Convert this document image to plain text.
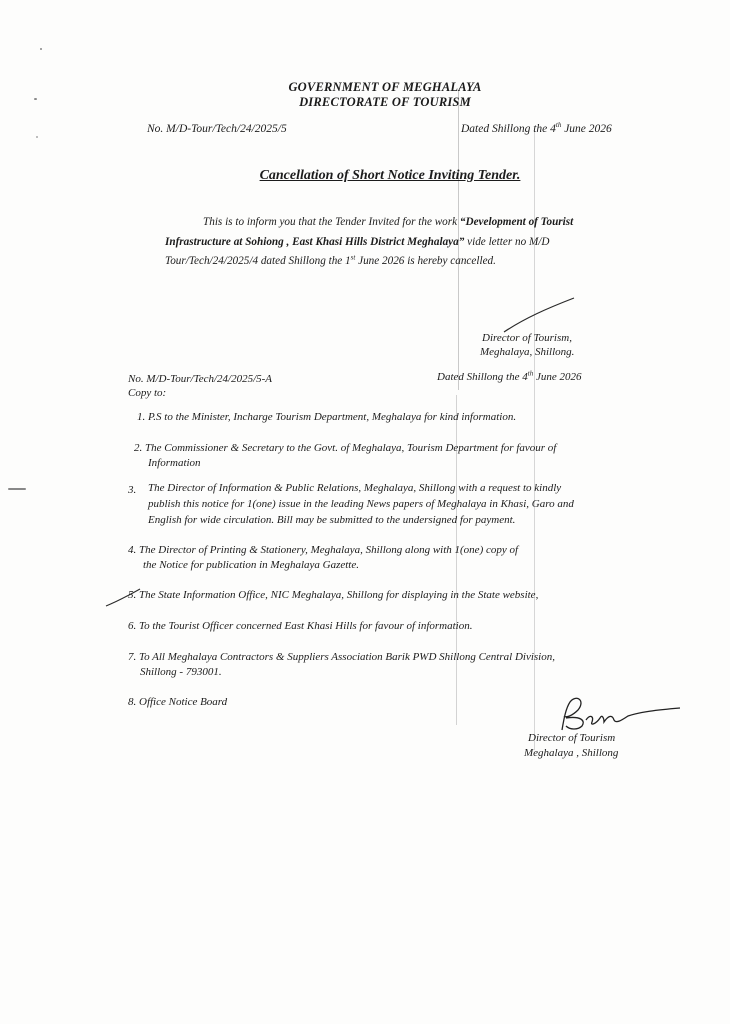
GOVERNMENT OF MEGHALAYA
DIRECTORATE OF TOURISM
No. M/D-Tour/Tech/24/2025/5	Dated Shillong the 4th June 2026
Cancellation of Short Notice Inviting Tender.
This is to inform you that the Tender Invited for the work “Development of Tourist
Infrastructure at Sohiong , East Khasi Hills District Meghalaya” vide letter no M/D
Tour/Tech/24/2025/4 dated Shillong the 1st June 2026 is hereby cancelled.
Director of Tourism,
Meghalaya, Shillong.
No. M/D-Tour/Tech/24/2025/5-A	Dated Shillong the 4th June 2026
Copy to:
1. P.S to the Minister, Incharge Tourism Department, Meghalaya for kind information.
2. The Commissioner & Secretary to the Govt. of Meghalaya, Tourism Department for favour of
Information
3. The Director of Information & Public Relations, Meghalaya, Shillong with a request to kindly
publish this notice for 1(one) issue in the leading News papers of Meghalaya in Khasi, Garo and
English for wide circulation. Bill may be submitted to the undersigned for payment.
4. The Director of Printing & Stationery, Meghalaya, Shillong along with 1(one) copy of
the Notice for publication in Meghalaya Gazette.
5. The State Information Office, NIC Meghalaya, Shillong for displaying in the State website,
6. To the Tourist Officer concerned East Khasi Hills for favour of information.
7. To All Meghalaya Contractors & Suppliers Association Barik PWD Shillong Central Division,
Shillong - 793001.
8. Office Notice Board
Director of Tourism
Meghalaya , Shillong
